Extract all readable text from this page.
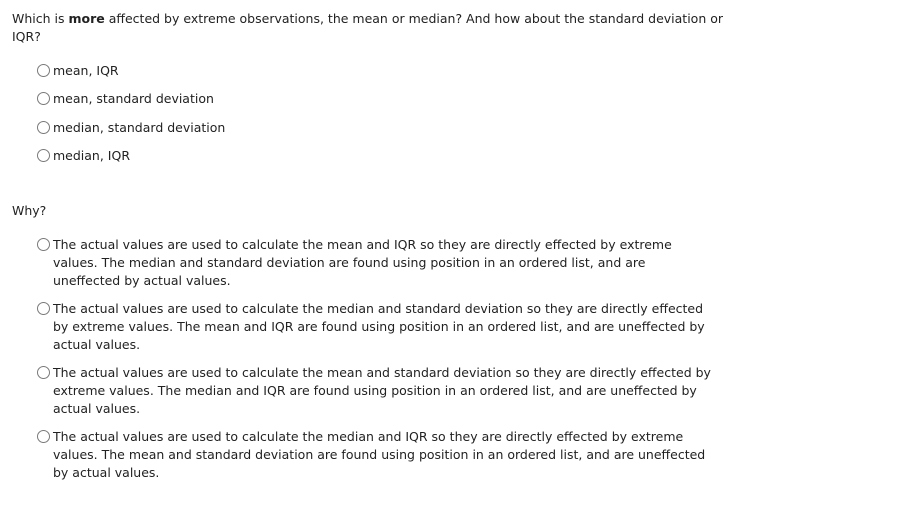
Which is more affected by extreme observations, the mean or median? And how about the standard deviation or IQR?
mean, IQR
mean, standard deviation
median, standard deviation
median, IQR
Why?
The actual values are used to calculate the mean and IQR so they are directly effected by extreme values. The median and standard deviation are found using position in an ordered list, and are uneffected by actual values.
The actual values are used to calculate the median and standard deviation so they are directly effected by extreme values. The mean and IQR are found using position in an ordered list, and are uneffected by actual values.
The actual values are used to calculate the mean and standard deviation so they are directly effected by extreme values. The median and IQR are found using position in an ordered list, and are uneffected by actual values.
The actual values are used to calculate the median and IQR so they are directly effected by extreme values. The mean and standard deviation are found using position in an ordered list, and are uneffected by actual values.
